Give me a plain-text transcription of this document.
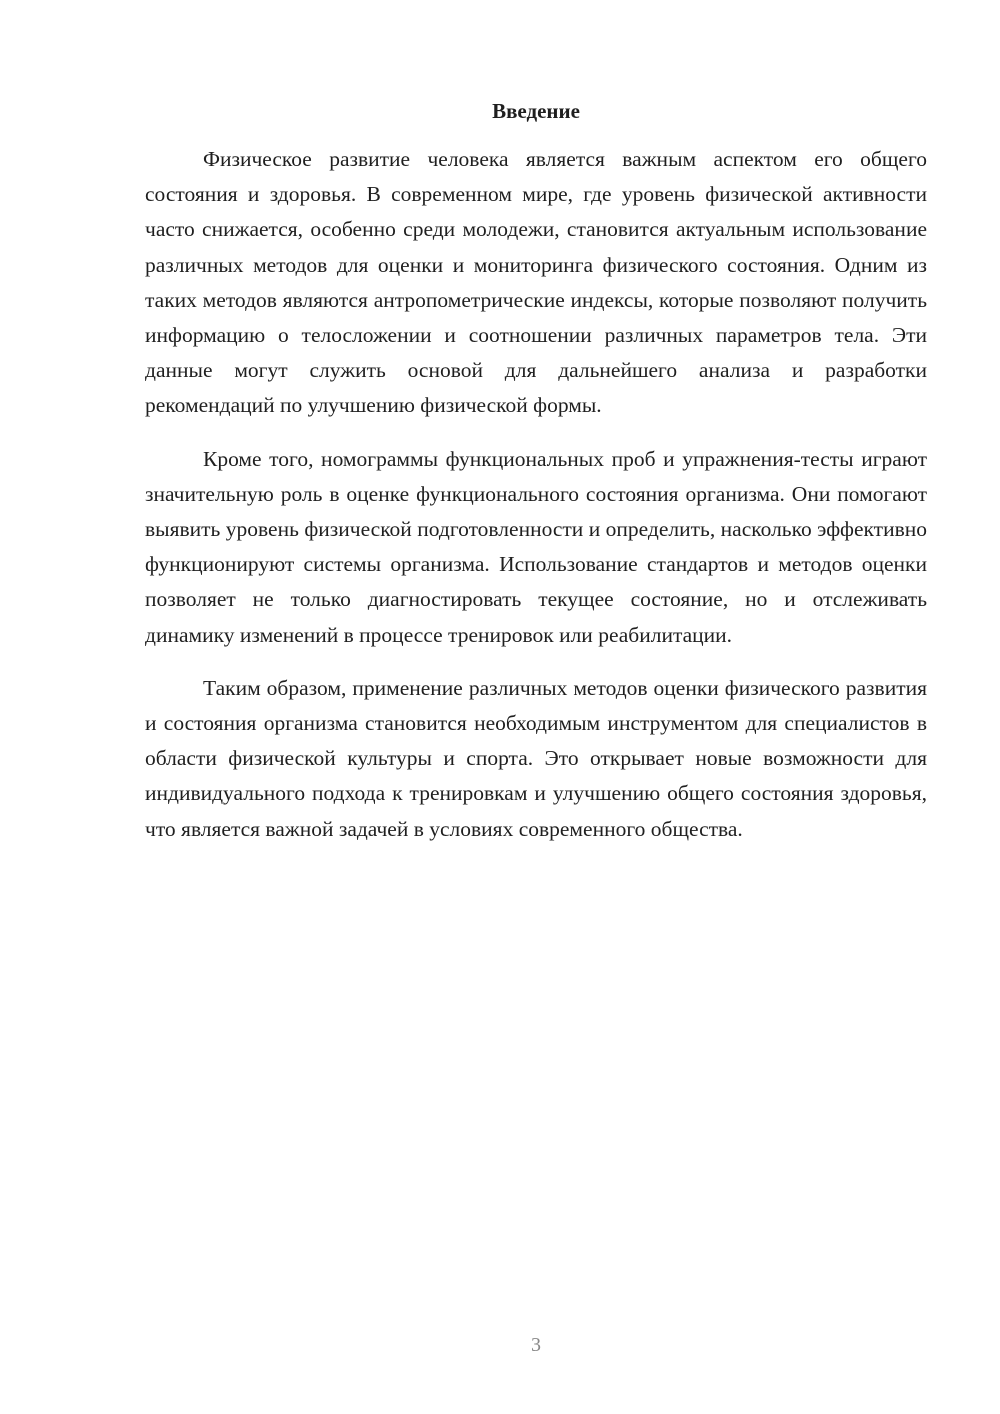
Введение

Физическое развитие человека является важным аспектом его общего состояния и здоровья. В современном мире, где уровень физической активности часто снижается, особенно среди молодежи, становится актуальным использование различных методов для оценки и мониторинга физического состояния. Одним из таких методов являются антропометрические индексы, которые позволяют получить информацию о телосложении и соотношении различных параметров тела. Эти данные могут служить основой для дальнейшего анализа и разработки рекомендаций по улучшению физической формы.

Кроме того, номограммы функциональных проб и упражнения-тесты играют значительную роль в оценке функционального состояния организма. Они помогают выявить уровень физической подготовленности и определить, насколько эффективно функционируют системы организма. Использование стандартов и методов оценки позволяет не только диагностировать текущее состояние, но и отслеживать динамику изменений в процессе тренировок или реабилитации.

Таким образом, применение различных методов оценки физического развития и состояния организма становится необходимым инструментом для специалистов в области физической культуры и спорта. Это открывает новые возможности для индивидуального подхода к тренировкам и улучшению общего состояния здоровья, что является важной задачей в условиях современного общества.

3
